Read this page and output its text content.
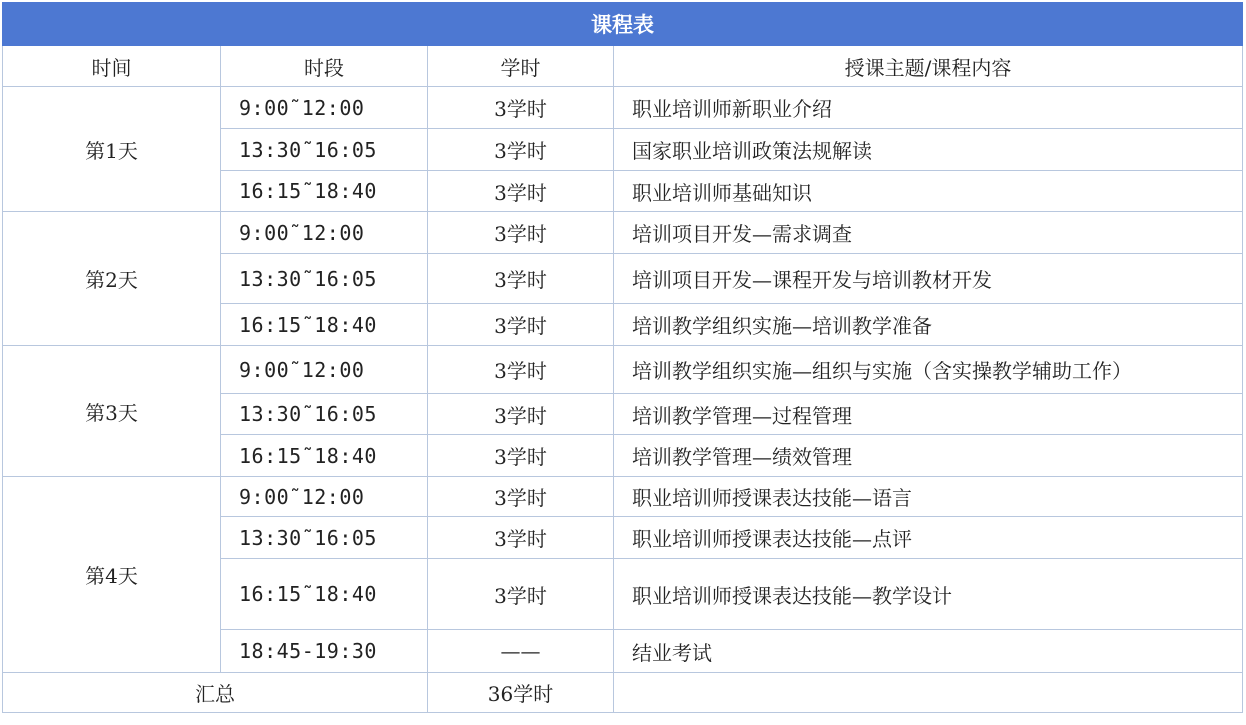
课程表			
时间	时段	学时	授课主题/课程内容
第1天	9:00˜12:00	3学时	职业培训师新职业介绍
	13:30˜16:05	3学时	国家职业培训政策法规解读
	16:15˜18:40	3学时	职业培训师基础知识
第2天	9:00˜12:00	3学时	培训项目开发—需求调查
	13:30˜16:05	3学时	培训项目开发—课程开发与培训教材开发
	16:15˜18:40	3学时	培训教学组织实施—培训教学准备
第3天	9:00˜12:00	3学时	培训教学组织实施—组织与实施（含实操教学辅助工作）
	13:30˜16:05	3学时	培训教学管理—过程管理
	16:15˜18:40	3学时	培训教学管理—绩效管理
第4天	9:00˜12:00	3学时	职业培训师授课表达技能—语言
	13:30˜16:05	3学时	职业培训师授课表达技能—点评
	16:15˜18:40	3学时	职业培训师授课表达技能—教学设计
	18:45-19:30	——	结业考试
汇总		36学时	
